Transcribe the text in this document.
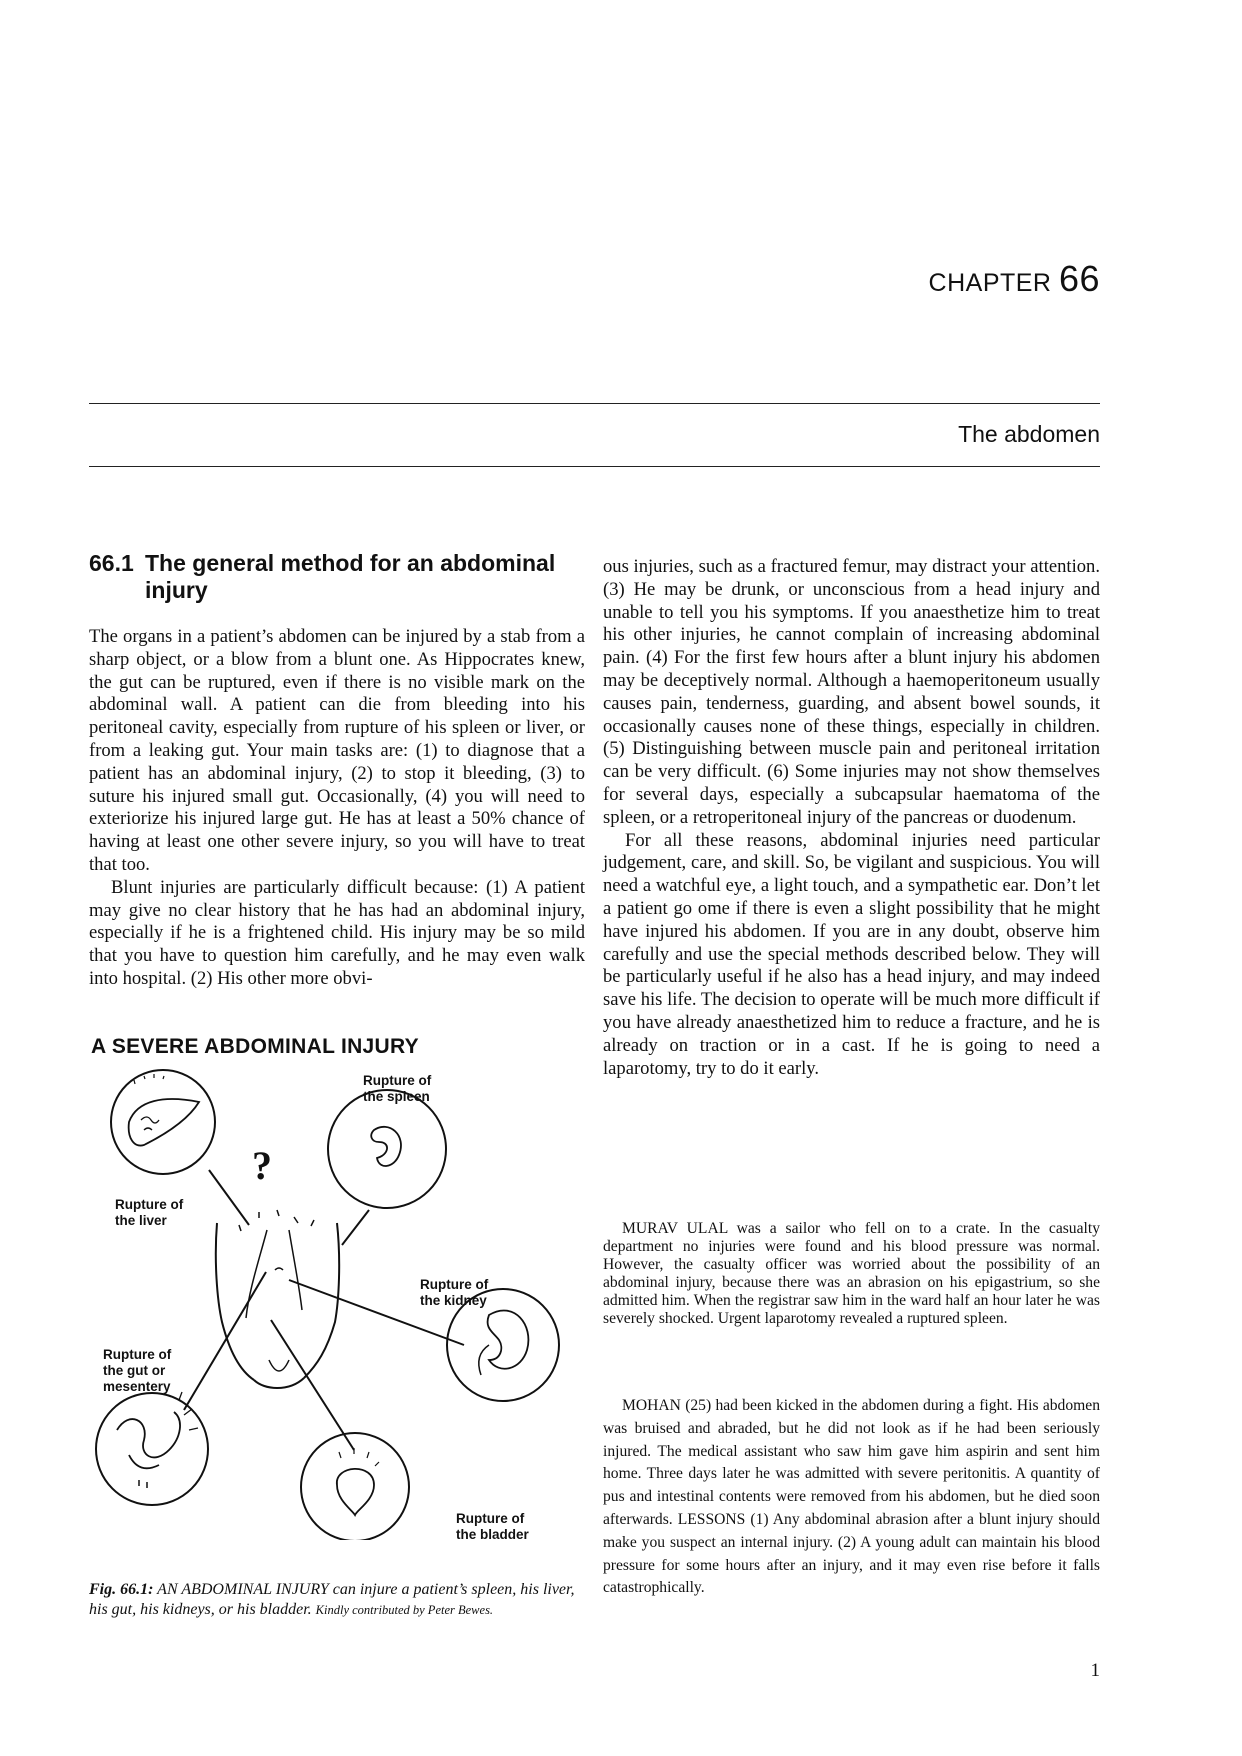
CHAPTER 66
The abdomen
66.1 The general method for an abdominal
injury

The organs in a patient’s abdomen can be injured by a stab from a sharp object, or a blow from a blunt one. As Hippocrates knew, the gut can be ruptured, even if there is no visible mark on the abdominal wall. A patient can die from bleeding into his peritoneal cavity, especially from rupture of his spleen or liver, or from a leaking gut. Your main tasks are: (1) to diagnose that a patient has an abdominal injury, (2) to stop it bleeding, (3) to suture his injured small gut. Occasionally, (4) you will need to exteriorize his injured large gut. He has at least a 50% chance of having at least one other severe injury, so you will have to treat that too.

Blunt injuries are particularly difficult because: (1) A patient may give no clear history that he has had an abdominal injury, especially if he is a frightened child. His injury may be so mild that you have to question him carefully, and he may even walk into hospital. (2) His other more obvi-

ous injuries, such as a fractured femur, may distract your attention. (3) He may be drunk, or unconscious from a head injury and unable to tell you his symptoms. If you anaesthetize him to treat his other injuries, he cannot complain of increasing abdominal pain. (4) For the first few hours after a blunt injury his abdomen may be deceptively normal. Although a haemoperitoneum usually causes pain, tenderness, guarding, and absent bowel sounds, it occasionally causes none of these things, especially in children. (5) Distinguishing between muscle pain and peritoneal irritation can be very difficult. (6) Some injuries may not show themselves for several days, especially a subcapsular haematoma of the spleen, or a retroperitoneal injury of the pancreas or duodenum.

For all these reasons, abdominal injuries need particular judgement, care, and skill. So, be vigilant and suspicious. You will need a watchful eye, a light touch, and a sympathetic ear. Don’t let a patient go ome if there is even a slight possibility that he might have injured his abdomen. If you are in any doubt, observe him carefully and use the special methods described below. They will be particularly useful if he also has a head injury, and may indeed save his life. The decision to operate will be much more difficult if you have already anaesthetized him to reduce a fracture, and he is already on traction or in a cast. If he is going to need a laparotomy, try to do it early.

A SEVERE ABDOMINAL INJURY
?
Rupture of
the spleen
Rupture of
the liver
Rupture of
the kidney
Rupture of
the gut or
mesentery
Rupture of
the bladder
Fig. 66.1: AN ABDOMINAL INJURY can injure a patient’s spleen, his liver, his gut, his kidneys, or his bladder. Kindly contributed by Peter Bewes.

MURAV ULAL was a sailor who fell on to a crate. In the casualty department no injuries were found and his blood pressure was normal. However, the casualty officer was worried about the possibility of an abdominal injury, because there was an abrasion on his epigastrium, so she admitted him. When the registrar saw him in the ward half an hour later he was severely shocked. Urgent laparotomy revealed a ruptured spleen.

MOHAN (25) had been kicked in the abdomen during a fight. His abdomen was bruised and abraded, but he did not look as if he had been seriously injured. The medical assistant who saw him gave him aspirin and sent him home. Three days later he was admitted with severe peritonitis. A quantity of pus and intestinal contents were removed from his abdomen, but he died soon afterwards. LESSONS (1) Any abdominal abrasion after a blunt injury should make you suspect an internal injury. (2) A young adult can maintain his blood pressure for some hours after an injury, and it may even rise before it falls catastrophically.

1
